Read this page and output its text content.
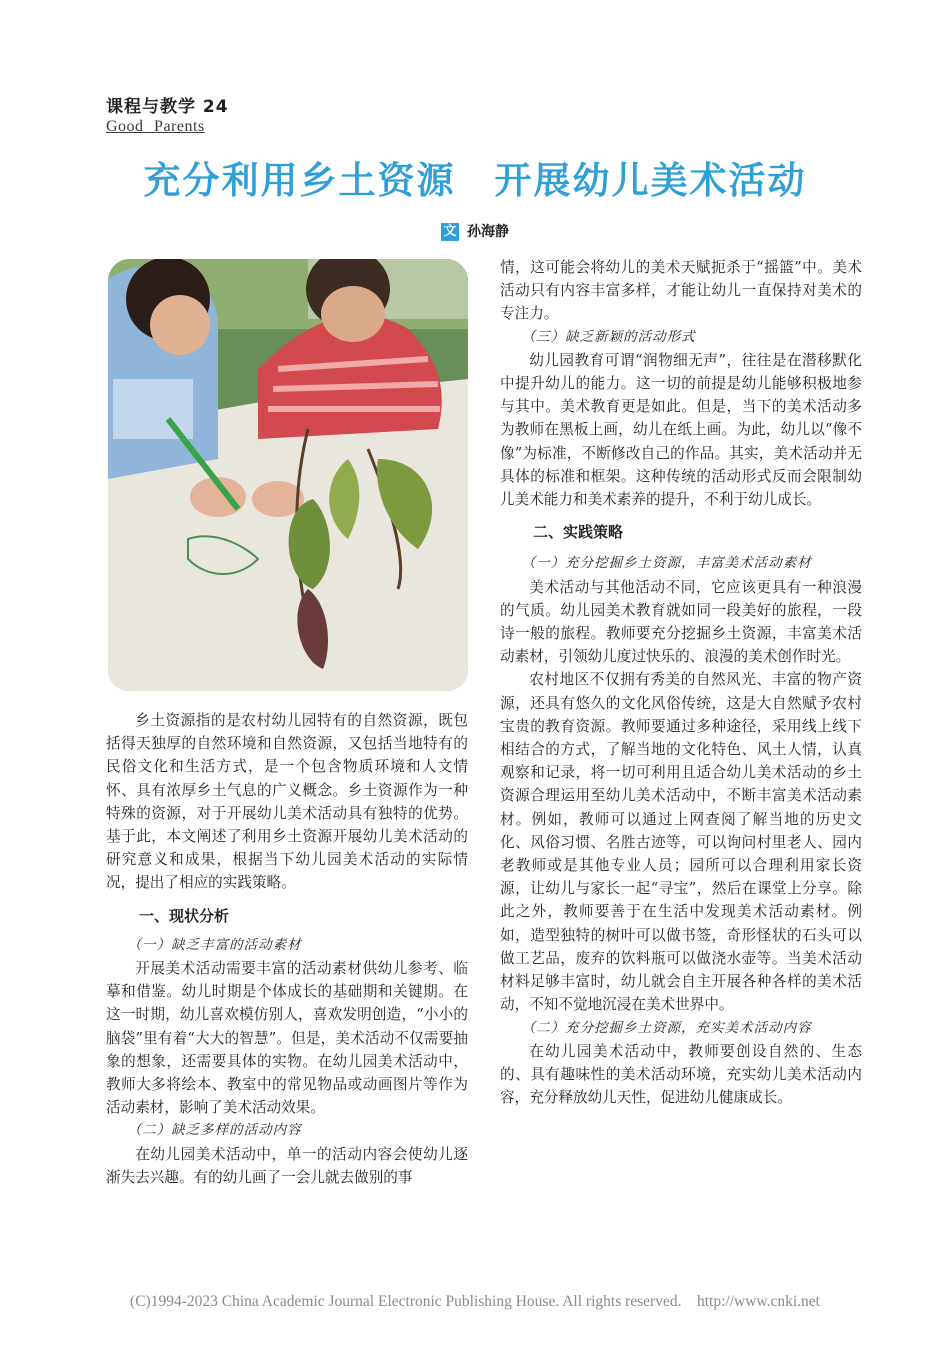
课程与教学 24
Good Parents
充分利用乡土资源　开展幼儿美术活动
文 孙海静

乡土资源指的是农村幼儿园特有的自然资源，既包括得天独厚的自然环境和自然资源，又包括当地特有的民俗文化和生活方式，是一个包含物质环境和人文情怀、具有浓厚乡土气息的广义概念。乡土资源作为一种特殊的资源，对于开展幼儿美术活动具有独特的优势。基于此，本文阐述了利用乡土资源开展幼儿美术活动的研究意义和成果，根据当下幼儿园美术活动的实际情况，提出了相应的实践策略。

一、现状分析

（一）缺乏丰富的活动素材

开展美术活动需要丰富的活动素材供幼儿参考、临摹和借鉴。幼儿时期是个体成长的基础期和关键期。在这一时期，幼儿喜欢模仿别人，喜欢发明创造，“小小的脑袋”里有着“大大的智慧”。但是，美术活动不仅需要抽象的想象，还需要具体的实物。在幼儿园美术活动中，教师大多将绘本、教室中的常见物品或动画图片等作为活动素材，影响了美术活动效果。

（二）缺乏多样的活动内容

在幼儿园美术活动中，单一的活动内容会使幼儿逐渐失去兴趣。有的幼儿画了一会儿就去做别的事

情，这可能会将幼儿的美术天赋扼杀于“摇篮”中。美术活动只有内容丰富多样，才能让幼儿一直保持对美术的专注力。

（三）缺乏新颖的活动形式

幼儿园教育可谓“润物细无声”，往往是在潜移默化中提升幼儿的能力。这一切的前提是幼儿能够积极地参与其中。美术教育更是如此。但是，当下的美术活动多为教师在黑板上画，幼儿在纸上画。为此，幼儿以“像不像”为标准，不断修改自己的作品。其实，美术活动并无具体的标准和框架。这种传统的活动形式反而会限制幼儿美术能力和美术素养的提升，不利于幼儿成长。

二、实践策略

（一）充分挖掘乡土资源，丰富美术活动素材

美术活动与其他活动不同，它应该更具有一种浪漫的气质。幼儿园美术教育就如同一段美好的旅程，一段诗一般的旅程。教师要充分挖掘乡土资源，丰富美术活动素材，引领幼儿度过快乐的、浪漫的美术创作时光。

农村地区不仅拥有秀美的自然风光、丰富的物产资源，还具有悠久的文化风俗传统，这是大自然赋予农村宝贵的教育资源。教师要通过多种途径，采用线上线下相结合的方式，了解当地的文化特色、风土人情，认真观察和记录，将一切可利用且适合幼儿美术活动的乡土资源合理运用至幼儿美术活动中，不断丰富美术活动素材。例如，教师可以通过上网查阅了解当地的历史文化、风俗习惯、名胜古迹等，可以询问村里老人、园内老教师或是其他专业人员；园所可以合理利用家长资源，让幼儿与家长一起“寻宝”，然后在课堂上分享。除此之外，教师要善于在生活中发现美术活动素材。例如，造型独特的树叶可以做书签，奇形怪状的石头可以做工艺品，废弃的饮料瓶可以做浇水壶等。当美术活动材料足够丰富时，幼儿就会自主开展各种各样的美术活动，不知不觉地沉浸在美术世界中。

（二）充分挖掘乡土资源，充实美术活动内容

在幼儿园美术活动中，教师要创设自然的、生态的、具有趣味性的美术活动环境，充实幼儿美术活动内容，充分释放幼儿天性，促进幼儿健康成长。

(C)1994-2023 China Academic Journal Electronic Publishing House. All rights reserved. http://www.cnki.net
